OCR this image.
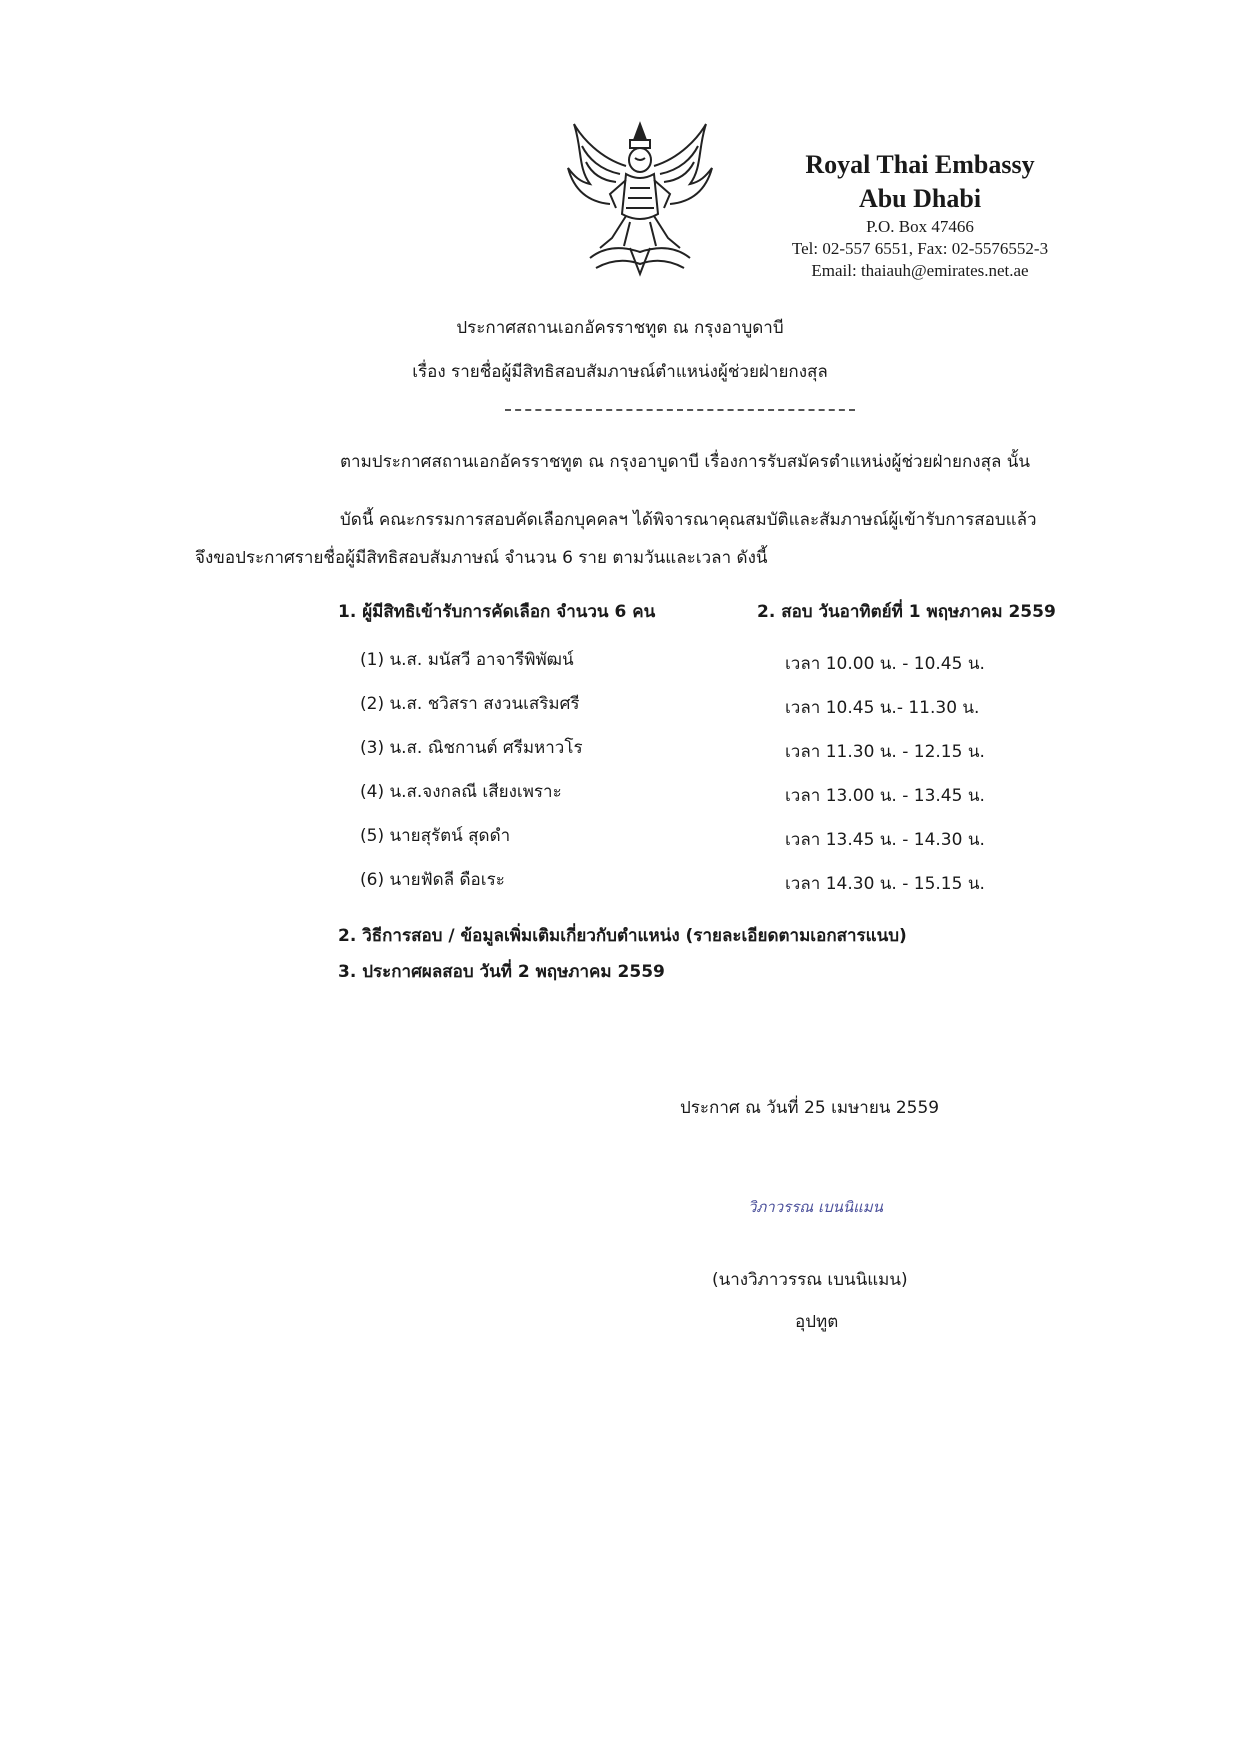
Royal Thai Embassy
Abu Dhabi
P.O. Box 47466
Tel: 02-557 6551, Fax: 02-5576552-3
Email: thaiauh@emirates.net.ae
ประกาศสถานเอกอัครราชทูต ณ กรุงอาบูดาบี
เรื่อง รายชื่อผู้มีสิทธิสอบสัมภาษณ์ตำแหน่งผู้ช่วยฝ่ายกงสุล
ตามประกาศสถานเอกอัครราชทูต ณ กรุงอาบูดาบี เรื่องการรับสมัครตำแหน่งผู้ช่วยฝ่ายกงสุล นั้น
บัดนี้ คณะกรรมการสอบคัดเลือกบุคคลฯ ได้พิจารณาคุณสมบัติและสัมภาษณ์ผู้เข้ารับการสอบแล้ว
จึงขอประกาศรายชื่อผู้มีสิทธิสอบสัมภาษณ์ จำนวน 6 ราย ตามวันและเวลา ดังนี้
1. ผู้มีสิทธิเข้ารับการคัดเลือก จำนวน 6 คน	2. สอบ วันอาทิตย์ที่ 1 พฤษภาคม 2559
(1) น.ส. มนัสวี อาจารีพิพัฒน์	เวลา 10.00 น. - 10.45 น.
(2) น.ส. ชวิสรา สงวนเสริมศรี	เวลา 10.45 น.- 11.30 น.
(3) น.ส. ณิชกานต์ ศรีมหาวโร	เวลา 11.30 น. - 12.15 น.
(4) น.ส.จงกลณี เสียงเพราะ	เวลา 13.00 น. - 13.45 น.
(5) นายสุรัตน์ สุดดำ	เวลา 13.45 น. - 14.30 น.
(6) นายฟัดลี ดือเระ	เวลา 14.30 น. - 15.15 น.
2. วิธีการสอบ / ข้อมูลเพิ่มเติมเกี่ยวกับตำแหน่ง (รายละเอียดตามเอกสารแนบ)
3. ประกาศผลสอบ วันที่ 2 พฤษภาคม 2559
ประกาศ ณ วันที่ 25 เมษายน 2559
วิภาวรรณ เบนนิแมน
(นางวิภาวรรณ เบนนิแมน)
อุปทูต
